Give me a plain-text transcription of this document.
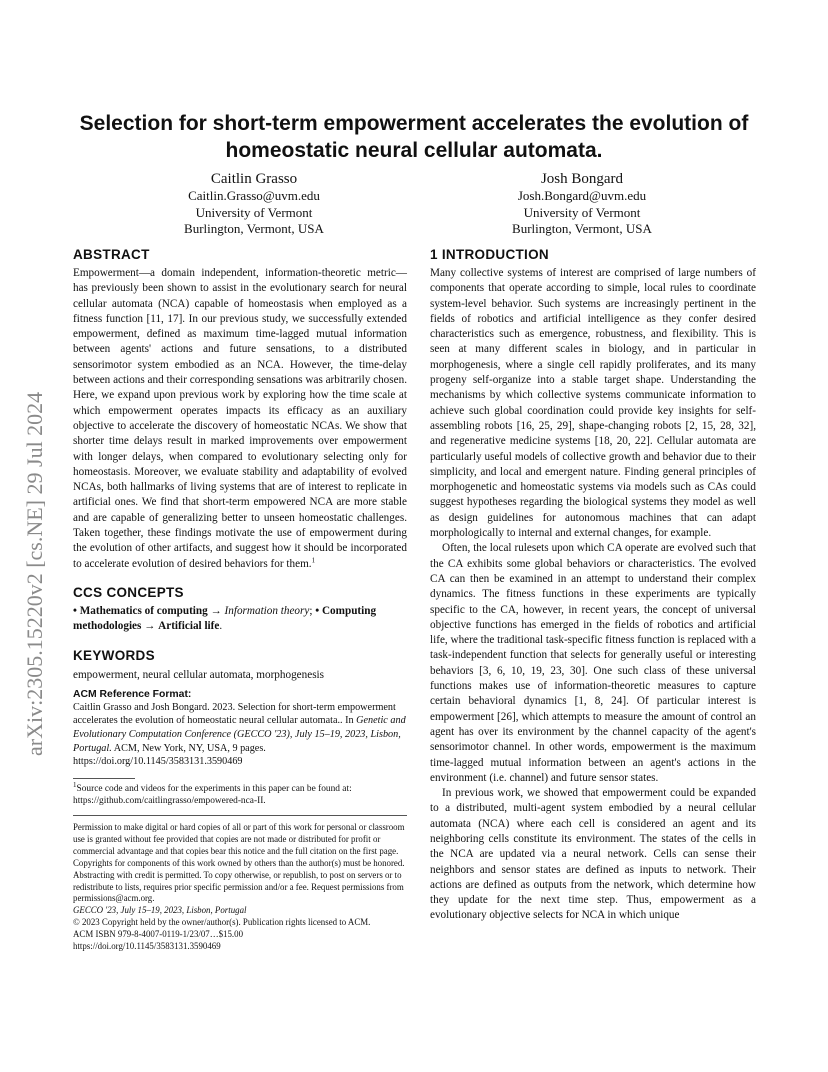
arXiv:2305.15220v2 [cs.NE] 29 Jul 2024
Selection for short-term empowerment accelerates the evolution of homeostatic neural cellular automata.
Caitlin Grasso
Caitlin.Grasso@uvm.edu
University of Vermont
Burlington, Vermont, USA
Josh Bongard
Josh.Bongard@uvm.edu
University of Vermont
Burlington, Vermont, USA
ABSTRACT

Empowerment—a domain independent, information-theoretic metric—has previously been shown to assist in the evolutionary search for neural cellular automata (NCA) capable of homeostasis when employed as a fitness function [11, 17]. In our previous study, we successfully extended empowerment, defined as maximum time-lagged mutual information between agents' actions and future sensations, to a distributed sensorimotor system embodied as an NCA. However, the time-delay between actions and their corresponding sensations was arbitrarily chosen. Here, we expand upon previous work by exploring how the time scale at which empowerment operates impacts its efficacy as an auxiliary objective to accelerate the discovery of homeostatic NCAs. We show that shorter time delays result in marked improvements over empowerment with longer delays, when compared to evolutionary selecting only for homeostasis. Moreover, we evaluate stability and adaptability of evolved NCAs, both hallmarks of living systems that are of interest to replicate in artificial ones. We find that short-term empowered NCA are more stable and are capable of generalizing better to unseen homeostatic challenges. Taken together, these findings motivate the use of empowerment during the evolution of other artifacts, and suggest how it should be incorporated to accelerate evolution of desired behaviors for them.$^1$

CCS CONCEPTS

• Mathematics of computing → Information theory; • Computing methodologies → Artificial life.

KEYWORDS

empowerment, neural cellular automata, morphogenesis

ACM Reference Format:

Caitlin Grasso and Josh Bongard. 2023. Selection for short-term empowerment accelerates the evolution of homeostatic neural cellular automata.. In Genetic and Evolutionary Computation Conference (GECCO '23), July 15–19, 2023, Lisbon, Portugal. ACM, New York, NY, USA, 9 pages. https://doi.org/10.1145/3583131.3590469

$^1$Source code and videos for the experiments in this paper can be found at: https://github.com/caitlingrasso/empowered-nca-II.

Permission to make digital or hard copies of all or part of this work for personal or classroom use is granted without fee provided that copies are not made or distributed for profit or commercial advantage and that copies bear this notice and the full citation on the first page. Copyrights for components of this work owned by others than the author(s) must be honored. Abstracting with credit is permitted. To copy otherwise, or republish, to post on servers or to redistribute to lists, requires prior specific permission and/or a fee. Request permissions from permissions@acm.org.

GECCO '23, July 15–19, 2023, Lisbon, Portugal

© 2023 Copyright held by the owner/author(s). Publication rights licensed to ACM.

ACM ISBN 979-8-4007-0119-1/23/07…$15.00

https://doi.org/10.1145/3583131.3590469

1 INTRODUCTION

Many collective systems of interest are comprised of large numbers of components that operate according to simple, local rules to coordinate system-level behavior. Such systems are increasingly pertinent in the fields of robotics and artificial intelligence as they confer desired characteristics such as emergence, robustness, and flexibility. This is seen at many different scales in biology, and in particular in morphogenesis, where a single cell rapidly proliferates, and its many progeny self-organize into a stable target shape. Understanding the mechanisms by which collective systems communicate information to achieve such global coordination could provide key insights for self-assembling robots [16, 25, 29], shape-changing robots [2, 15, 28, 32], and regenerative medicine systems [18, 20, 22]. Cellular automata are particularly useful models of collective growth and behavior due to their simplicity, and local and emergent nature. Finding general principles of morphogenetic and homeostatic systems via models such as CAs could suggest hypotheses regarding the biological systems they model as well as design guidelines for autonomous machines that can adapt morphologically to internal and external changes, for example.

Often, the local rulesets upon which CA operate are evolved such that the CA exhibits some global behaviors or characteristics. The evolved CA can then be examined in an attempt to understand their complex dynamics. The fitness functions in these experiments are typically specific to the CA, however, in recent years, the concept of universal objective functions has emerged in the fields of robotics and artificial life, where the traditional task-specific fitness function is replaced with a task-independent function that selects for generally useful or interesting behaviors [3, 6, 10, 19, 23, 30]. One such class of these universal functions makes use of information-theoretic measures to capture certain behavioral dynamics [1, 8, 24]. Of particular interest is empowerment [26], which attempts to measure the amount of control an agent has over its environment by the channel capacity of the agent's sensorimotor channel. In other words, empowerment is the maximum time-lagged mutual information between an agent's actions in the environment (i.e. channel) and future sensor states.

In previous work, we showed that empowerment could be expanded to a distributed, multi-agent system embodied by a neural cellular automata (NCA) where each cell is considered an agent and its neighboring cells constitute its environment. The states of the cells in the NCA are updated via a neural network. Cells can sense their neighbors and sensor states are defined as inputs to network. Their actions are defined as outputs from the network, which determine how they update for the next time step. Thus, empowerment as a evolutionary objective selects for NCA in which unique
